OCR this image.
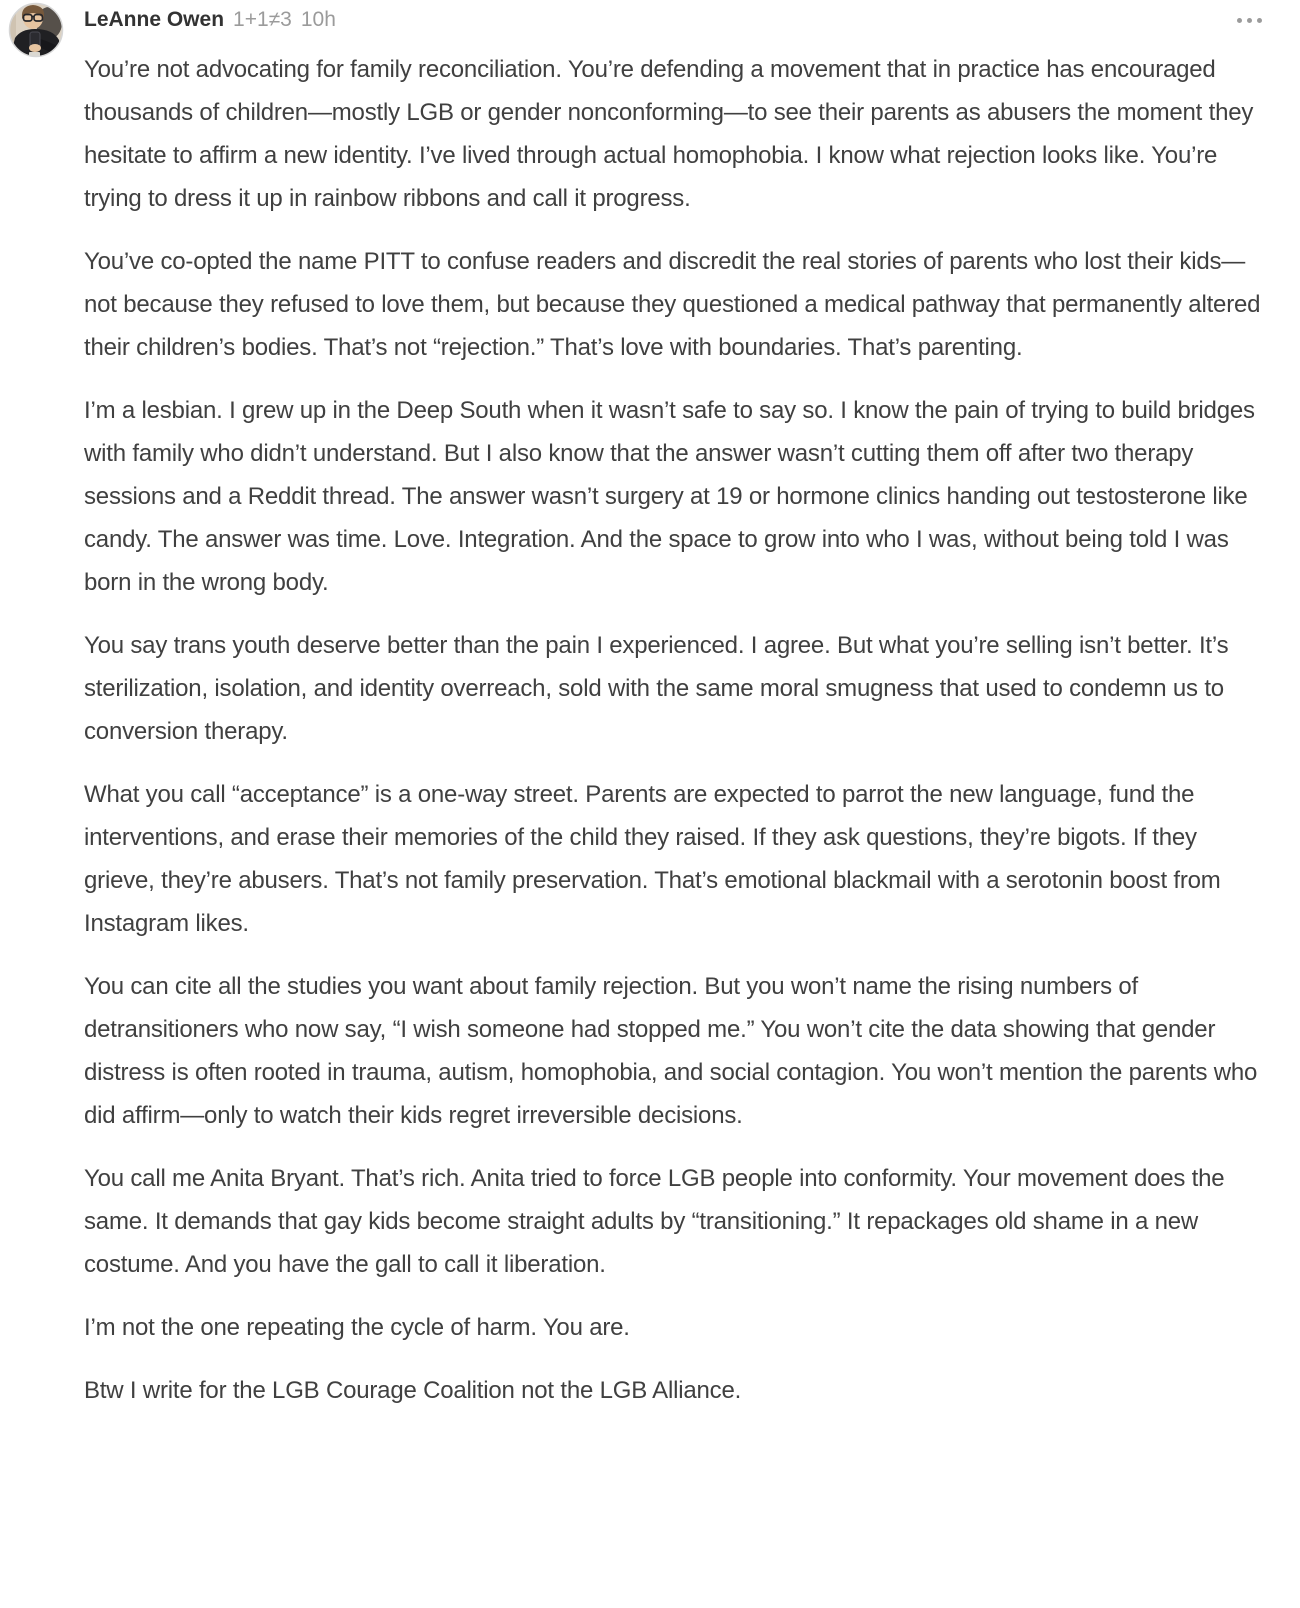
LeAnne Owen 1+1≠3 10h

You’re not advocating for family reconciliation. You’re defending a movement that in practice has encouraged thousands of children—mostly LGB or gender nonconforming—to see their parents as abusers the moment they hesitate to affirm a new identity. I’ve lived through actual homophobia. I know what rejection looks like. You’re trying to dress it up in rainbow ribbons and call it progress.

You’ve co-opted the name PITT to confuse readers and discredit the real stories of parents who lost their kids—not because they refused to love them, but because they questioned a medical pathway that permanently altered their children’s bodies. That’s not “rejection.” That’s love with boundaries. That’s parenting.

I’m a lesbian. I grew up in the Deep South when it wasn’t safe to say so. I know the pain of trying to build bridges with family who didn’t understand. But I also know that the answer wasn’t cutting them off after two therapy sessions and a Reddit thread. The answer wasn’t surgery at 19 or hormone clinics handing out testosterone like candy. The answer was time. Love. Integration. And the space to grow into who I was, without being told I was born in the wrong body.

You say trans youth deserve better than the pain I experienced. I agree. But what you’re selling isn’t better. It’s sterilization, isolation, and identity overreach, sold with the same moral smugness that used to condemn us to conversion therapy.

What you call “acceptance” is a one-way street. Parents are expected to parrot the new language, fund the interventions, and erase their memories of the child they raised. If they ask questions, they’re bigots. If they grieve, they’re abusers. That’s not family preservation. That’s emotional blackmail with a serotonin boost from Instagram likes.

You can cite all the studies you want about family rejection. But you won’t name the rising numbers of detransitioners who now say, “I wish someone had stopped me.” You won’t cite the data showing that gender distress is often rooted in trauma, autism, homophobia, and social contagion. You won’t mention the parents who did affirm—only to watch their kids regret irreversible decisions.

You call me Anita Bryant. That’s rich. Anita tried to force LGB people into conformity. Your movement does the same. It demands that gay kids become straight adults by “transitioning.” It repackages old shame in a new costume. And you have the gall to call it liberation.

I’m not the one repeating the cycle of harm. You are.

Btw I write for the LGB Courage Coalition not the LGB Alliance.
